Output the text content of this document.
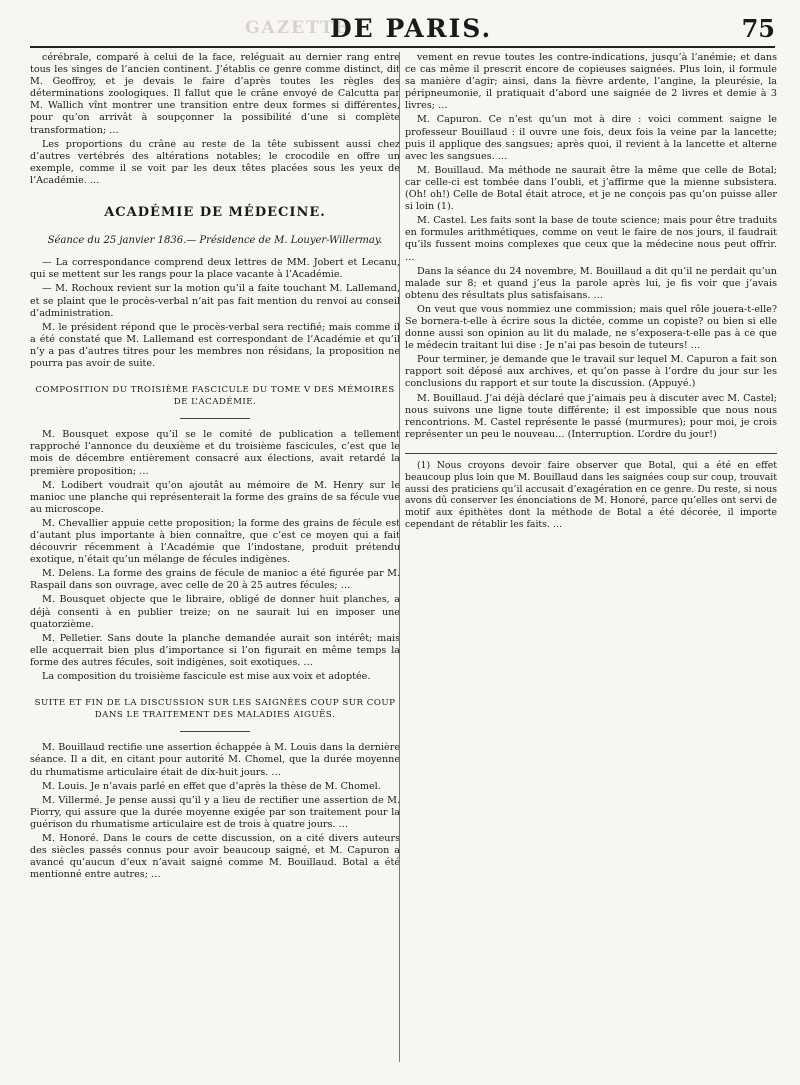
GAZETTE
DE PARIS.	75

cérébrale, comparé à celui de la face, reléguait au dernier rang entre tous les singes de l’ancien continent. J’établis ce genre comme distinct, dit M. Geoffroy, et je devais le faire d’après toutes les règles des déterminations zoologiques. Il fallut que le crâne envoyé de Calcutta par M. Wallich vînt montrer une transition entre deux formes si différentes, pour qu’on arrivât à soupçonner la possibilité d’une si complète transformation; …

Les proportions du crâne au reste de la tête subissent aussi chez d’autres vertébrés des altérations notables; le crocodile en offre un exemple, comme il se voit par les deux têtes placées sous les yeux de l’Académie. …

ACADÉMIE DE MÉDECINE.
Séance du 25 janvier 1836.— Présidence de M. Louyer-Willermay.

— La correspondance comprend deux lettres de MM. Jobert et Lecanu, qui se mettent sur les rangs pour la place vacante à l’Académie.

— M. Rochoux revient sur la motion qu’il a faite touchant M. Lallemand, et se plaint que le procès-verbal n’ait pas fait mention du renvoi au conseil d’administration.

M. le président répond que le procès-verbal sera rectifié; mais comme il a été constaté que M. Lallemand est correspondant de l’Académie et qu’il n’y a pas d’autres titres pour les membres non résidans, la proposition ne pourra pas avoir de suite.

COMPOSITION DU TROISIÈME FASCICULE DU TOME V DES MÉMOIRES DE L’ACADÉMIE.

M. Bousquet expose qu’il se le comité de publication a tellement rapproché l’annonce du deuxième et du troisième fascicules, c’est que le mois de décembre entièrement consacré aux élections, avait retardé la première proposition; …

M. Lodibert voudrait qu’on ajoutât au mémoire de M. Henry sur le manioc une planche qui représenterait la forme des grains de sa fécule vue au microscope.

M. Chevallier appuie cette proposition; la forme des grains de fécule est d’autant plus importante à bien connaître, que c’est ce moyen qui a fait découvrir récemment à l’Académie que l’indostane, produit prétendu exotique, n’était qu’un mélange de fécules indigènes.

M. Delens. La forme des grains de fécule de manioc a été figurée par M. Raspail dans son ouvrage, avec celle de 20 à 25 autres fécules; …

M. Bousquet objecte que le libraire, obligé de donner huit planches, a déjà consenti à en publier treize; on ne saurait lui en imposer une quatorzième.

M. Pelletier. Sans doute la planche demandée aurait son intérêt; mais elle acquerrait bien plus d’importance si l’on figurait en même temps la forme des autres fécules, soit indigènes, soit exotiques. …

La composition du troisième fascicule est mise aux voix et adoptée.

SUITE ET FIN DE LA DISCUSSION SUR LES SAIGNÉES COUP SUR COUP DANS LE TRAITEMENT DES MALADIES AIGUËS.

M. Bouillaud rectifie une assertion échappée à M. Louis dans la dernière séance. Il a dit, en citant pour autorité M. Chomel, que la durée moyenne du rhumatisme articulaire était de dix-huit jours. …

M. Louis. Je n’avais parlé en effet que d’après la thèse de M. Chomel.

M. Villermé. Je pense aussi qu’il y a lieu de rectifier une assertion de M. Piorry, qui assure que la durée moyenne exigée par son traitement pour la guérison du rhumatisme articulaire est de trois à quatre jours. …

M. Honoré. Dans le cours de cette discussion, on a cité divers auteurs des siècles passés connus pour avoir beaucoup saigné, et M. Capuron a avancé qu’aucun d’eux n’avait saigné comme M. Bouillaud. Botal a été mentionné entre autres; …

vement en revue toutes les contre-indications, jusqu’à l’anémie; et dans ce cas même il prescrit encore de copieuses saignées. Plus loin, il formule sa manière d’agir; ainsi, dans la fièvre ardente, l’angine, la pleurésie, la péripneumonie, il pratiquait d’abord une saignée de 2 livres et demie à 3 livres; …

M. Capuron. Ce n’est qu’un mot à dire : voici comment saigne le professeur Bouillaud : il ouvre une fois, deux fois la veine par la lancette; puis il applique des sangsues; après quoi, il revient à la lancette et alterne avec les sangsues. …

M. Bouillaud. Ma méthode ne saurait être la même que celle de Botal; car celle-ci est tombée dans l’oubli, et j’affirme que la mienne subsistera. (Oh! oh!) Celle de Botal était atroce, et je ne conçois pas qu’on puisse aller si loin (1).

M. Castel. Les faits sont la base de toute science; mais pour être traduits en formules arithmétiques, comme on veut le faire de nos jours, il faudrait qu’ils fussent moins complexes que ceux que la médecine nous peut offrir. …

Dans la séance du 24 novembre, M. Bouillaud a dit qu’il ne perdait qu’un malade sur 8; et quand j’eus la parole après lui, je fis voir que j’avais obtenu des résultats plus satisfaisans. …

On veut que vous nommiez une commission; mais quel rôle jouera-t-elle? Se bornera-t-elle à écrire sous la dictée, comme un copiste? ou bien si elle donne aussi son opinion au lit du malade, ne s’exposera-t-elle pas à ce que le médecin traitant lui dise : Je n’ai pas besoin de tuteurs! …

Pour terminer, je demande que le travail sur lequel M. Capuron a fait son rapport soit déposé aux archives, et qu’on passe à l’ordre du jour sur les conclusions du rapport et sur toute la discussion. (Appuyé.)

M. Bouillaud. J’ai déjà déclaré que j’aimais peu à discuter avec M. Castel; nous suivons une ligne toute différente; il est impossible que nous nous rencontrions. M. Castel représente le passé (murmures); pour moi, je crois représenter un peu le nouveau… (Interruption. L’ordre du jour!)

(1) Nous croyons devoir faire observer que Botal, qui a été en effet beaucoup plus loin que M. Bouillaud dans les saignées coup sur coup, trouvait aussi des praticiens qu’il accusait d’exagération en ce genre. Du reste, si nous avons dû conserver les énonciations de M. Honoré, parce qu’elles ont servi de motif aux épithètes dont la méthode de Botal a été décorée, il importe cependant de rétablir les faits. …
